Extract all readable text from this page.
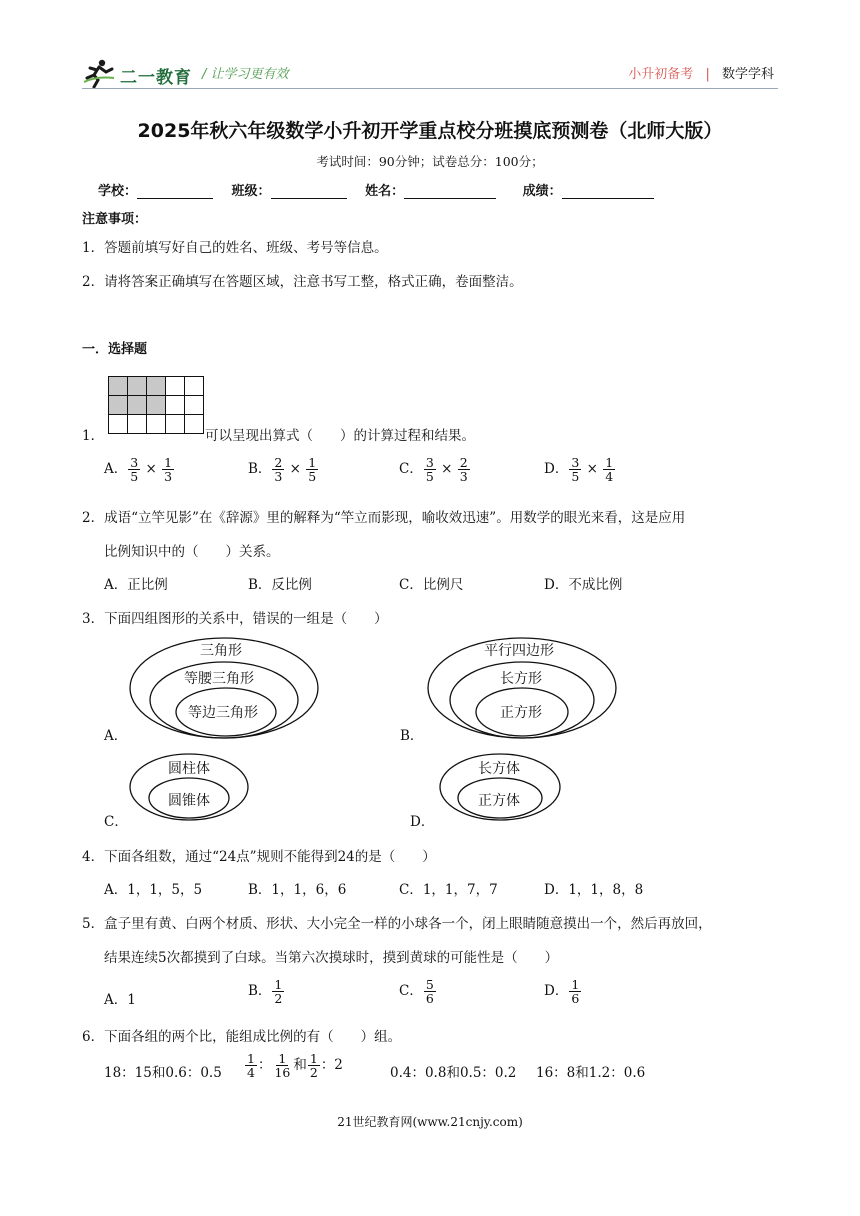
二一教育 / 让学习更有效	小升初备考 | 数学学科
2025年秋六年级数学小升初开学重点校分班摸底预测卷（北师大版）
考试时间：90分钟；试卷总分：100分；
学校：	班级：	姓名：	成绩：
注意事项：
1．答题前填写好自己的姓名、班级、考号等信息。
2．请将答案正确填写在答题区域，注意书写工整，格式正确，卷面整洁。
一．选择题
1．	可以呈现出算式（　　）的计算过程和结果。
A． $\frac{3}{5} \times \frac{1}{3}$	B． $\frac{2}{3} \times \frac{1}{5}$	C． $\frac{3}{5} \times \frac{2}{3}$	D． $\frac{3}{5} \times \frac{1}{4}$
2．成语“立竿见影”在《辞源》里的解释为“竿立而影现，喻收效迅速”。用数学的眼光来看，这是应用
比例知识中的（　　）关系。
A．正比例	B．反比例	C．比例尺	D．不成比例
3．下面四组图形的关系中，错误的一组是（　　）
三角形
等腰三角形
等边三角形
A．
平行四边形
长方形
正方形
B．
圆柱体
圆锥体
C．
长方体
正方体
D．
4．下面各组数，通过“24点”规则不能得到24的是（　　）
A．1，1，5，5	B．1，1，6，6	C．1，1，7，7	D．1，1，8，8
5．盒子里有黄、白两个材质、形状、大小完全一样的小球各一个，闭上眼睛随意摸出一个，然后再放回，
结果连续5次都摸到了白球。当第六次摸球时，摸到黄球的可能性是（　　）
A．1
B． $\frac{1}{2}$	C． $\frac{5}{6}$	D． $\frac{1}{6}$
6．下面各组的两个比，能组成比例的有（　　）组。
18：15和0.6：$0.5 \frac{1}{4}$ ： $\frac{1}{16}$ 和 $\frac{1}{2}$ ：2	0.4：0.8和0.5：0.2 16：8和1.2：0.6
21世纪教育网(www.21cnjy.com)
